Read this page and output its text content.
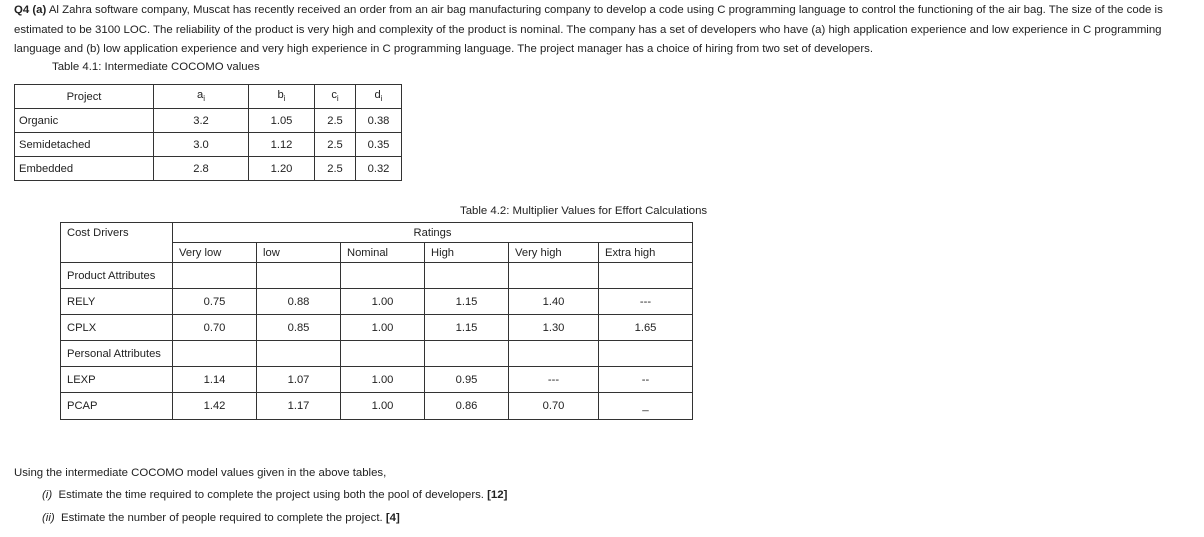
Q4 (a) Al Zahra software company, Muscat has recently received an order from an air bag manufacturing company to develop a code using C programming language to control the functioning of the air bag. The size of the code is estimated to be 3100 LOC. The reliability of the product is very high and complexity of the product is nominal. The company has a set of developers who have (a) high application experience and low experience in C programming language and (b) low application experience and very high experience in C programming language. The project manager has a choice of hiring from two set of developers.

Table 4.1: Intermediate COCOMO values
Project	$a_i$	$b_i$	$c_i$	$d_i$
Organic	3.2	1.05	2.5	0.38
Semidetached	3.0	1.12	2.5	0.35
Embedded	2.8	1.20	2.5	0.32
Table 4.2: Multiplier Values for Effort Calculations
Cost Drivers	Ratings					
	Very low	low	Nominal	High	Very high	Extra high
Product Attributes						
RELY	0.75	0.88	1.00	1.15	1.40	---
CPLX	0.70	0.85	1.00	1.15	1.30	1.65
Personal Attributes						
LEXP	1.14	1.07	1.00	0.95	---	--
PCAP	1.42	1.17	1.00	0.86	0.70	_
Using the intermediate COCOMO model values given in the above tables,
(i) Estimate the time required to complete the project using both the pool of developers. [12]
(ii) Estimate the number of people required to complete the project. [4]
